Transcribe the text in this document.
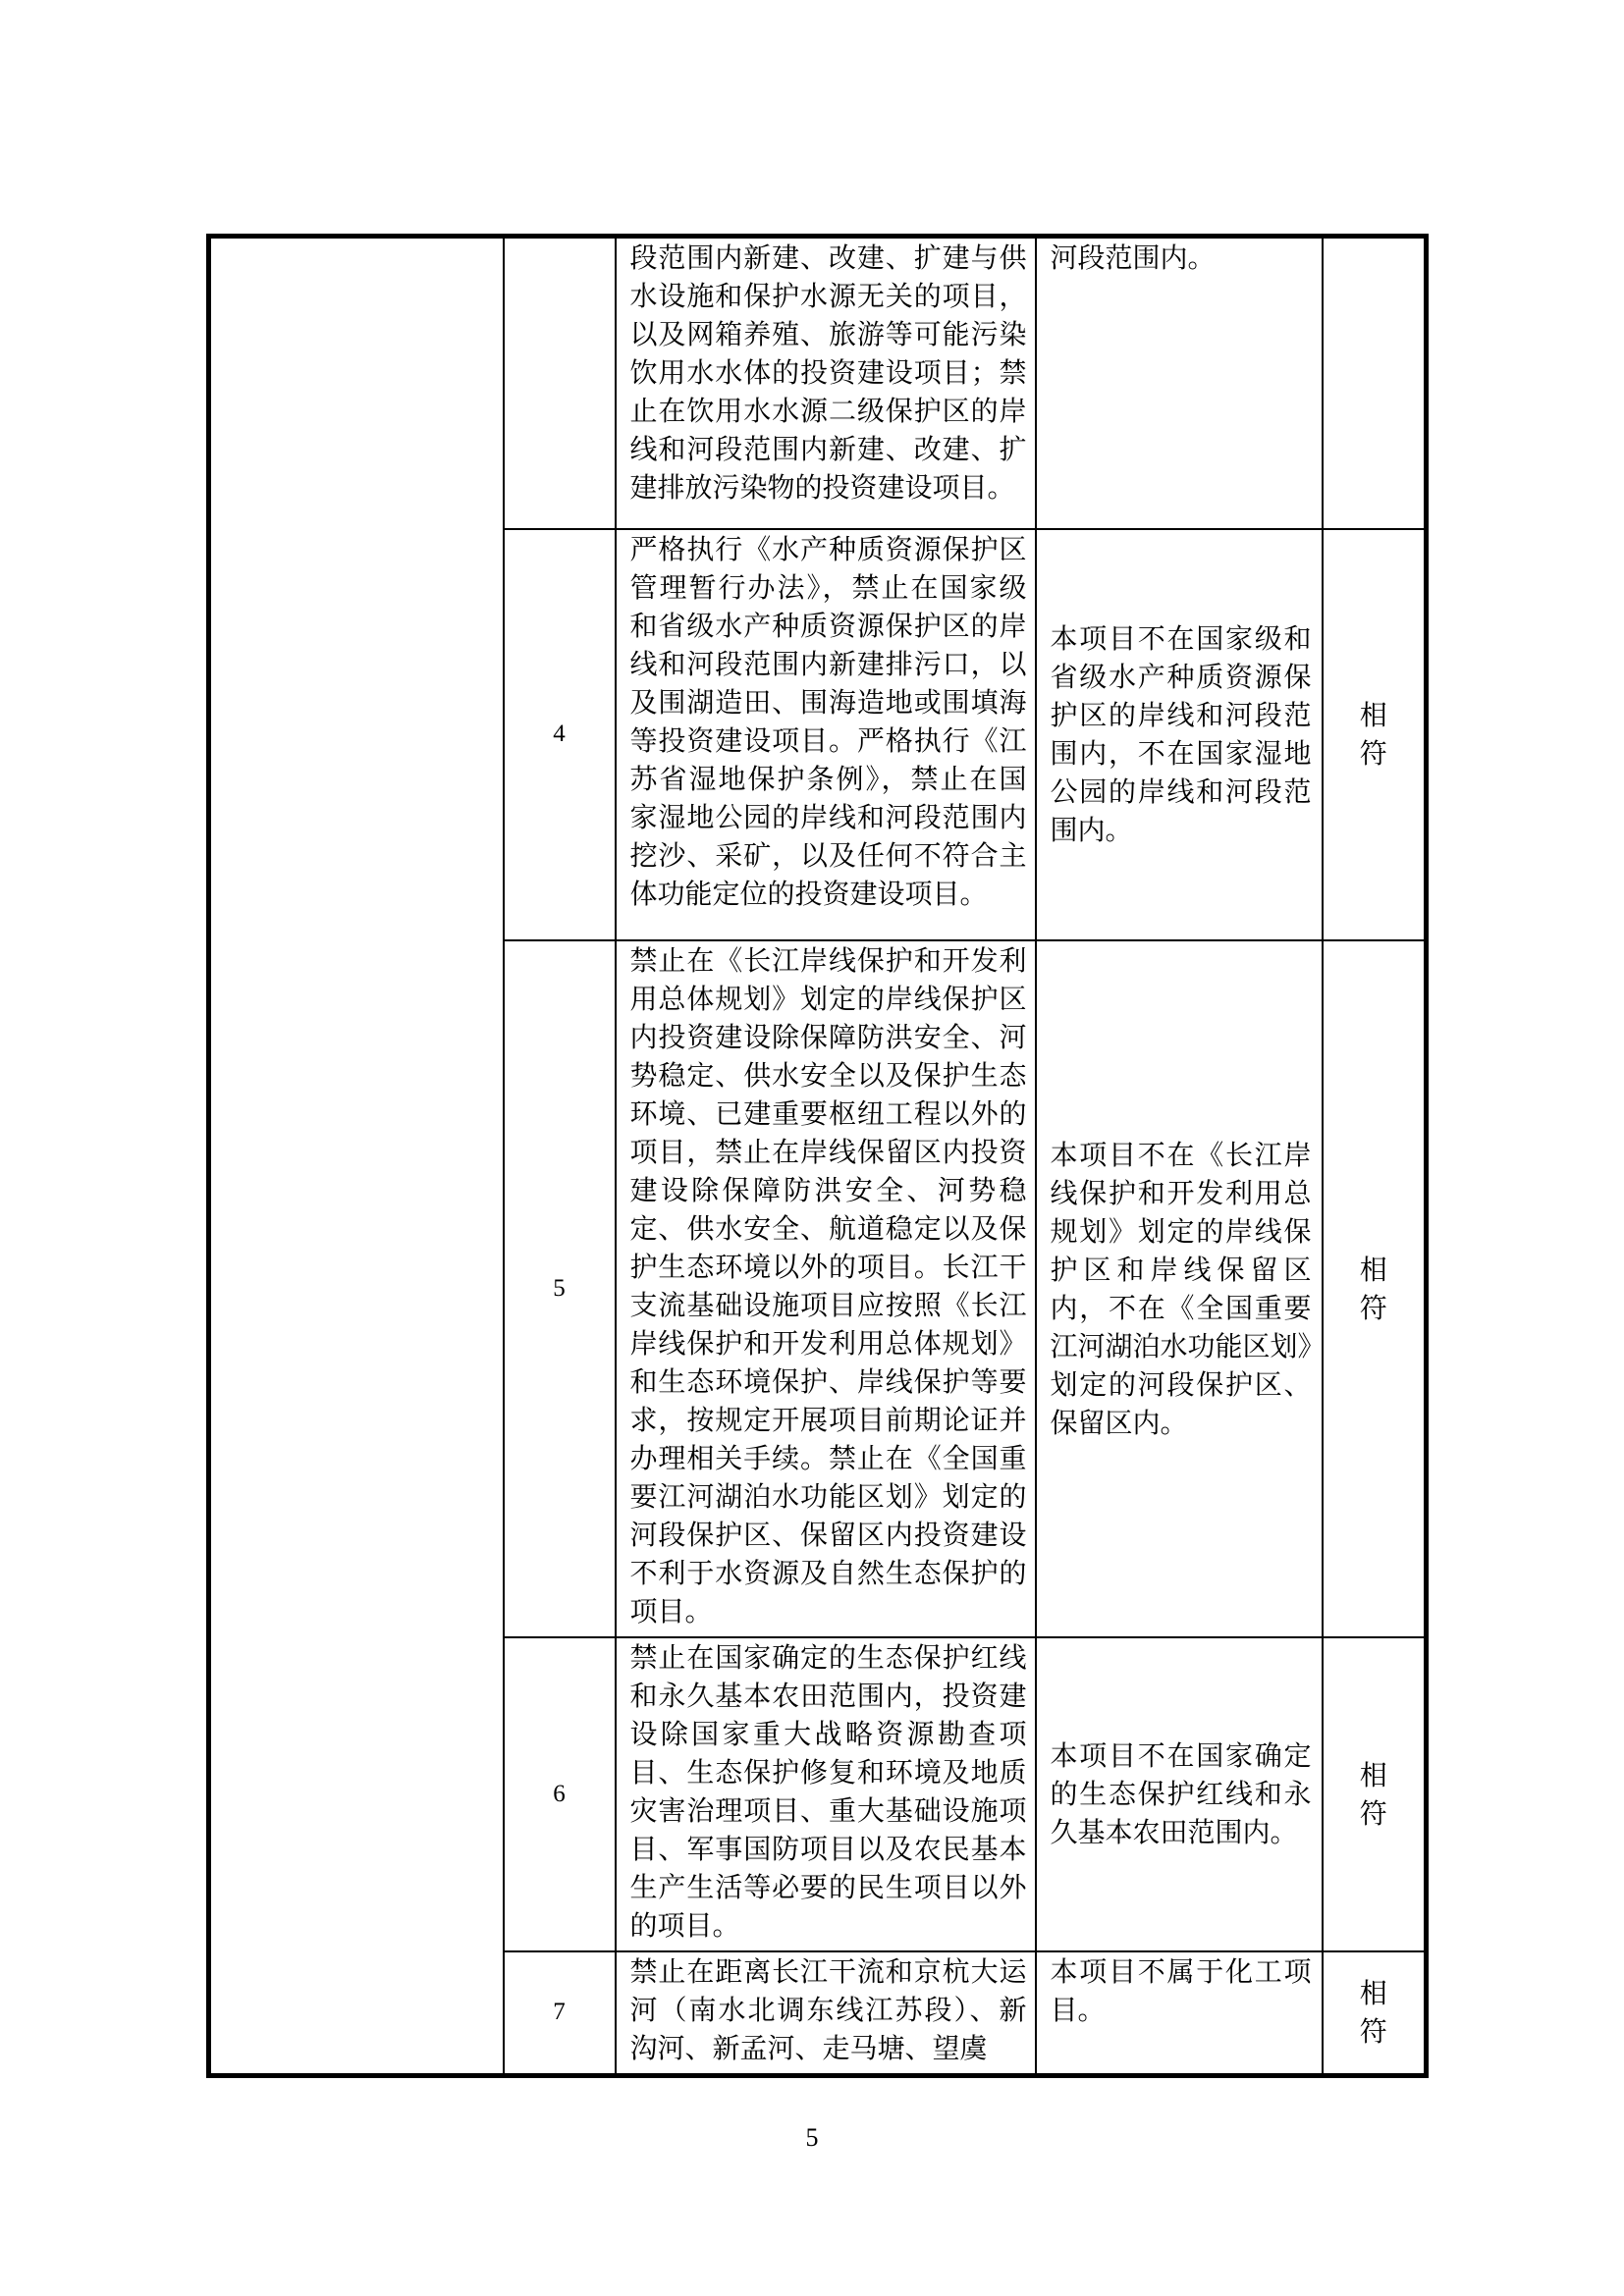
		段范围内新建、改建、扩建与供水设施和保护水源无关的项目，以及网箱养殖、旅游等可能污染饮用水水体的投资建设项目；禁止在饮用水水源二级保护区的岸线和河段范围内新建、改建、扩建排放污染物的投资建设项目。	河段范围内。	
	4	严格执行《水产种质资源保护区管理暂行办法》，禁止在国家级和省级水产种质资源保护区的岸线和河段范围内新建排污口，以及围湖造田、围海造地或围填海等投资建设项目。严格执行《江苏省湿地保护条例》，禁止在国家湿地公园的岸线和河段范围内挖沙、采矿，以及任何不符合主体功能定位的投资建设项目。	本项目不在国家级和省级水产种质资源保护区的岸线和河段范围内，不在国家湿地公园的岸线和河段范围内。	相符
	5	禁止在《长江岸线保护和开发利用总体规划》划定的岸线保护区内投资建设除保障防洪安全、河势稳定、供水安全以及保护生态环境、已建重要枢纽工程以外的项目，禁止在岸线保留区内投资建设除保障防洪安全、河势稳定、供水安全、航道稳定以及保护生态环境以外的项目。长江干支流基础设施项目应按照《长江岸线保护和开发利用总体规划》和生态环境保护、岸线保护等要求，按规定开展项目前期论证并办理相关手续。禁止在《全国重要江河湖泊水功能区划》划定的河段保护区、保留区内投资建设不利于水资源及自然生态保护的项目。	本项目不在《长江岸线保护和开发利用总规划》划定的岸线保护区和岸线保留区内，不在《全国重要江河湖泊水功能区划》划定的河段保护区、保留区内。	相符
	6	禁止在国家确定的生态保护红线和永久基本农田范围内，投资建设除国家重大战略资源勘查项目、生态保护修复和环境及地质灾害治理项目、重大基础设施项目、军事国防项目以及农民基本生产生活等必要的民生项目以外的项目。	本项目不在国家确定的生态保护红线和永久基本农田范围内。	相符
	7	禁止在距离长江干流和京杭大运河（南水北调东线江苏段）、新沟河、新孟河、走马塘、望虞	本项目不属于化工项目。	相符
5
